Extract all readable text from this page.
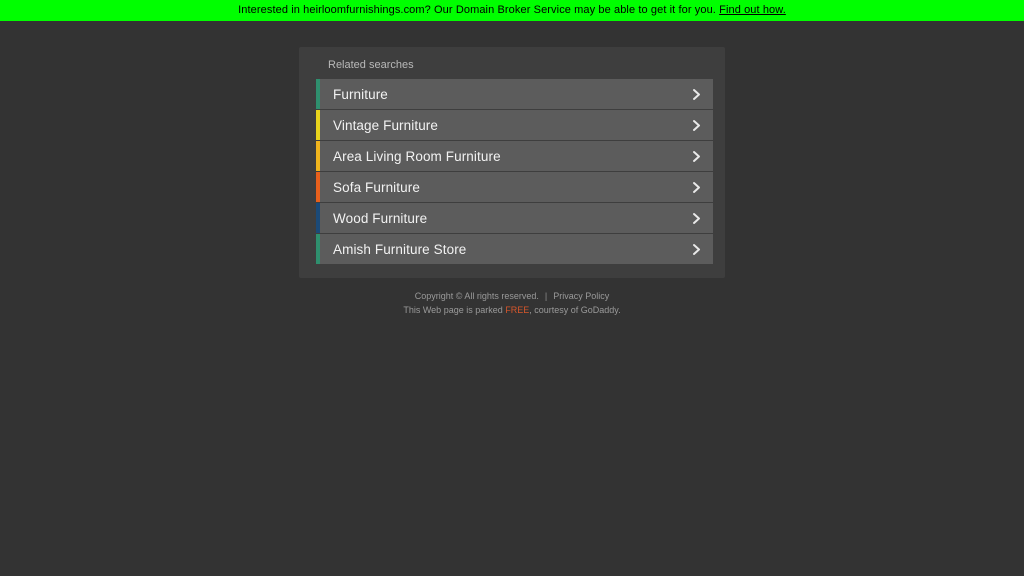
Interested in heirloomfurnishings.com? Our Domain Broker Service may be able to get it for you. Find out how.
Related searches
Furniture
Vintage Furniture
Area Living Room Furniture
Sofa Furniture
Wood Furniture
Amish Furniture Store

Copyright © All rights reserved. | Privacy Policy

This Web page is parked FREE, courtesy of GoDaddy.
